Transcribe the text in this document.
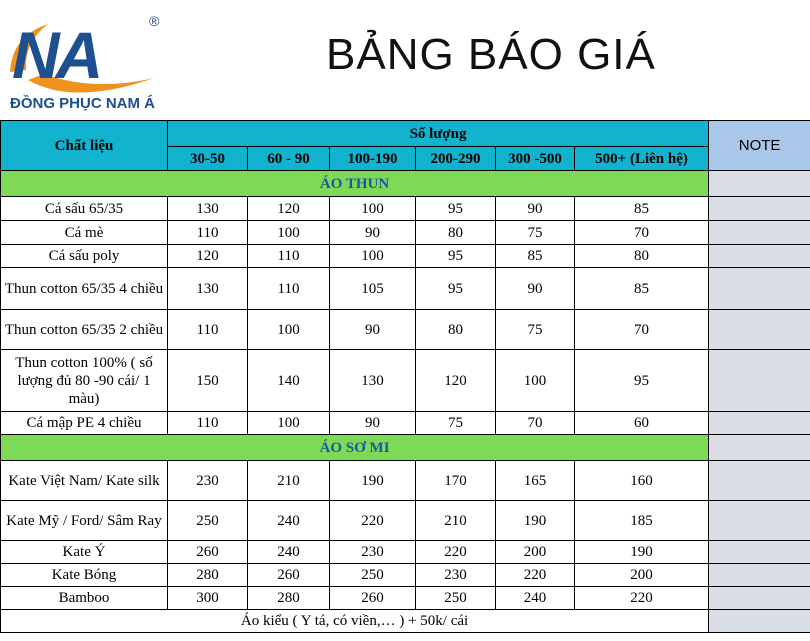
NA	®
ĐỒNG PHỤC NAM Á
BẢNG BÁO GIÁ
Chất liệu	Số lượng						NOTE
	30-50	60 - 90	100-190	200-290	300 -500	500+ (Liên hệ)	
ÁO THUN							
Cá sấu 65/35	130	120	100	95	90	85	
Cá mè	110	100	90	80	75	70	
Cá sấu poly	120	110	100	95	85	80	
Thun cotton 65/35 4 chiều	130	110	105	95	90	85	
Thun cotton 65/35 2 chiều	110	100	90	80	75	70	
Thun cotton 100% ( số lượng đủ 80 -90 cái/ 1 màu)	150	140	130	120	100	95	
Cá mập PE 4 chiều	110	100	90	75	70	60	
ÁO SƠ MI							
Kate Việt Nam/ Kate silk	230	210	190	170	165	160	
Kate Mỹ / Ford/ Sâm Ray	250	240	220	210	190	185	
Kate Ý	260	240	230	220	200	190	
Kate Bóng	280	260	250	230	220	200	
Bamboo	300	280	260	250	240	220	
Áo kiểu ( Y tá, có viền,… ) + 50k/ cái							
